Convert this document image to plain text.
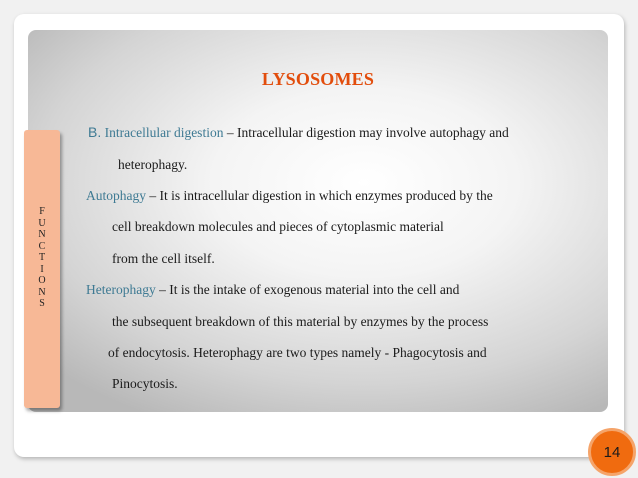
LYSOSOMES
F
U
N
C
T
I
O
N
S
B. Intracellular digestion – Intracellular digestion may involve autophagy and
heterophagy.
Autophagy – It is intracellular digestion in which enzymes produced by the
cell breakdown molecules and pieces of cytoplasmic material
from the cell itself.
Heterophagy – It is the intake of exogenous material into the cell and
the subsequent breakdown of this material by enzymes by the process
of endocytosis. Heterophagy are two types namely - Phagocytosis and
Pinocytosis.
14
